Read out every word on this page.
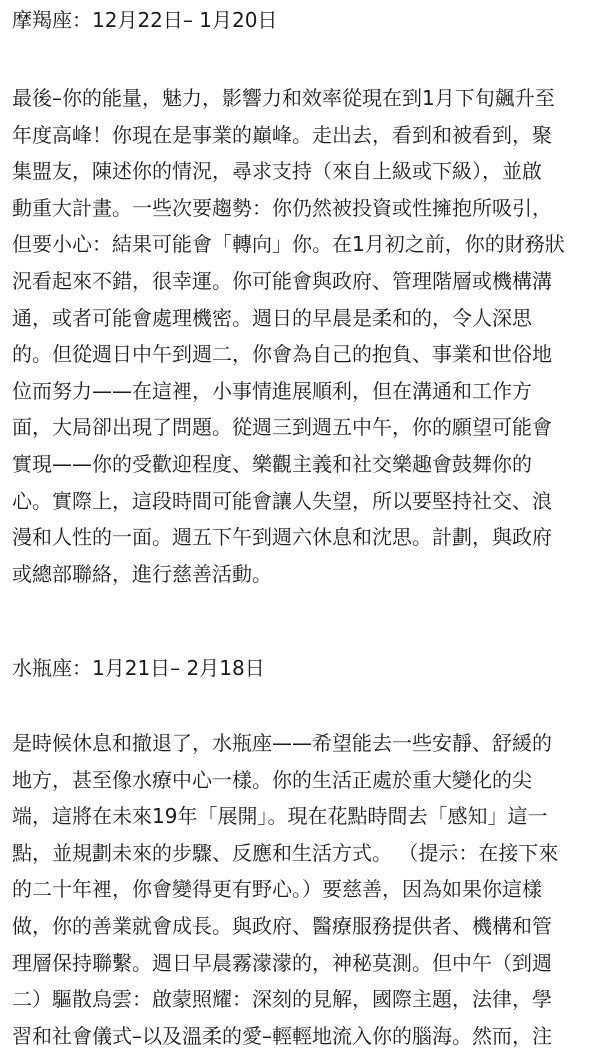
摩羯座：12月22日– 1月20日

最後–你的能量，魅力，影響力和效率從現在到1月下旬飆升至
年度高峰！你現在是事業的巔峰。走出去，看到和被看到，聚
集盟友，陳述你的情況，尋求支持（來自上級或下級），並啟
動重大計畫。一些次要趨勢：你仍然被投資或性擁抱所吸引，
但要小心：結果可能會「轉向」你。在1月初之前，你的財務狀
況看起來不錯，很幸運。你可能會與政府、管理階層或機構溝
通，或者可能會處理機密。週日的早晨是柔和的，令人深思
的。但從週日中午到週二，你會為自己的抱負、事業和世俗地
位而努力——在這裡，小事情進展順利，但在溝通和工作方
面，大局卻出現了問題。從週三到週五中午，你的願望可能會
實現——你的受歡迎程度、樂觀主義和社交樂趣會鼓舞你的
心。實際上，這段時間可能會讓人失望，所以要堅持社交、浪
漫和人性的一面。週五下午到週六休息和沈思。計劃，與政府
或總部聯絡，進行慈善活動。

水瓶座：1月21日– 2月18日

是時候休息和撤退了，水瓶座——希望能去一些安靜、舒緩的
地方，甚至像水療中心一樣。你的生活正處於重大變化的尖
端，這將在未來19年「展開」。現在花點時間去「感知」這一
點，並規劃未來的步驟、反應和生活方式。 （提示：在接下來
的二十年裡，你會變得更有野心。）要慈善，因為如果你這樣
做，你的善業就會成長。與政府、醫療服務提供者、機構和管
理層保持聯繫。週日早晨霧濛濛的，神秘莫測。但中午（到週
二）驅散烏雲：啟蒙照耀：深刻的見解，國際主題，法律，學
習和社會儀式–以及溫柔的愛–輕輕地流入你的腦海。然而，注
